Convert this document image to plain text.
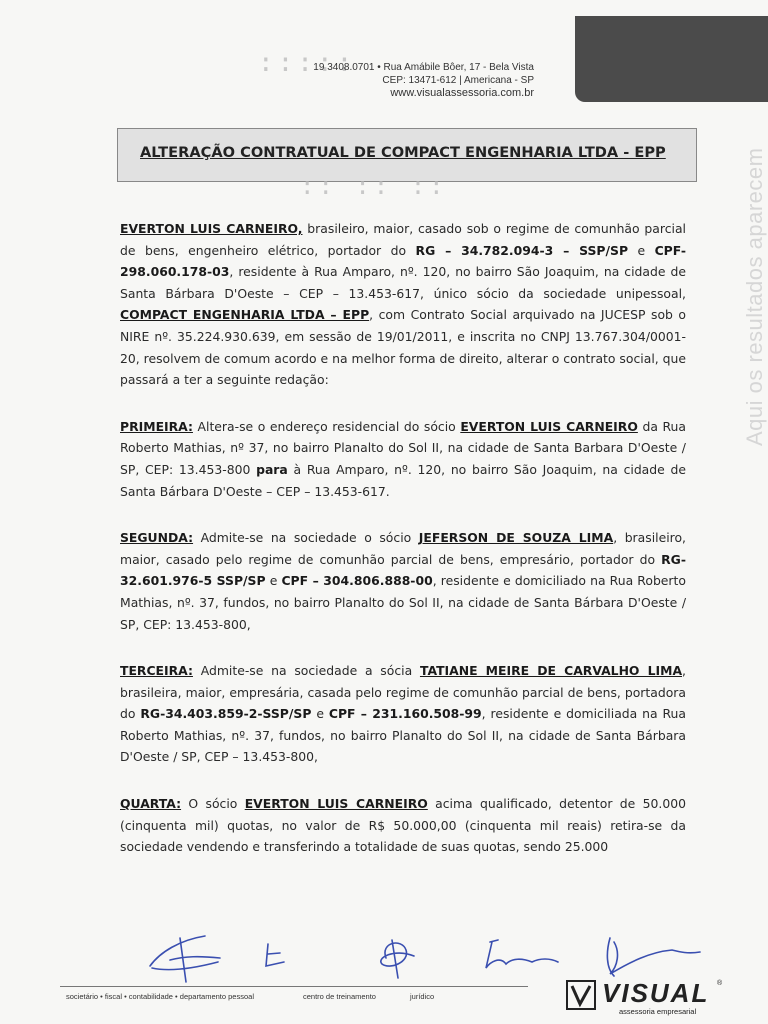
:::::
19 3408.0701 • Rua Amábile Bôer, 17 - Bela Vista
CEP: 13471-612 | Americana - SP
www.visualassessoria.com.br
Aqui os resultados aparecem
ALTERAÇÃO CONTRATUAL DE COMPACT ENGENHARIA LTDA - EPP
:: :: ::

EVERTON LUIS CARNEIRO, brasileiro, maior, casado sob o regime de comunhão parcial de bens, engenheiro elétrico, portador do RG – 34.782.094-3 – SSP/SP e CPF-298.060.178-03, residente à Rua Amparo, nº. 120, no bairro São Joaquim, na cidade de Santa Bárbara D'Oeste – CEP – 13.453-617, único sócio da sociedade unipessoal, COMPACT ENGENHARIA LTDA – EPP, com Contrato Social arquivado na JUCESP sob o NIRE nº. 35.224.930.639, em sessão de 19/01/2011, e inscrita no CNPJ 13.767.304/0001-20, resolvem de comum acordo e na melhor forma de direito, alterar o contrato social, que passará a ter a seguinte redação:

PRIMEIRA: Altera-se o endereço residencial do sócio EVERTON LUIS CARNEIRO da Rua Roberto Mathias, nº 37, no bairro Planalto do Sol II, na cidade de Santa Barbara D'Oeste / SP, CEP: 13.453-800 para à Rua Amparo, nº. 120, no bairro São Joaquim, na cidade de Santa Bárbara D'Oeste – CEP – 13.453-617.

SEGUNDA: Admite-se na sociedade o sócio JEFERSON DE SOUZA LIMA, brasileiro, maior, casado pelo regime de comunhão parcial de bens, empresário, portador do RG-32.601.976-5 SSP/SP e CPF – 304.806.888-00, residente e domiciliado na Rua Roberto Mathias, nº. 37, fundos, no bairro Planalto do Sol II, na cidade de Santa Bárbara D'Oeste / SP, CEP: 13.453-800,

TERCEIRA: Admite-se na sociedade a sócia TATIANE MEIRE DE CARVALHO LIMA, brasileira, maior, empresária, casada pelo regime de comunhão parcial de bens, portadora do RG-34.403.859-2-SSP/SP e CPF – 231.160.508-99, residente e domiciliada na Rua Roberto Mathias, nº. 37, fundos, no bairro Planalto do Sol II, na cidade de Santa Bárbara D'Oeste / SP, CEP – 13.453-800,

QUARTA: O sócio EVERTON LUIS CARNEIRO acima qualificado, detentor de 50.000 (cinquenta mil) quotas, no valor de R$ 50.000,00 (cinquenta mil reais) retira-se da sociedade vendendo e transferindo a totalidade de suas quotas, sendo 25.000

societário • fiscal • contabilidade • departamento pessoal	centro de treinamento	jurídico	VISUAL ®
assessoria empresarial
